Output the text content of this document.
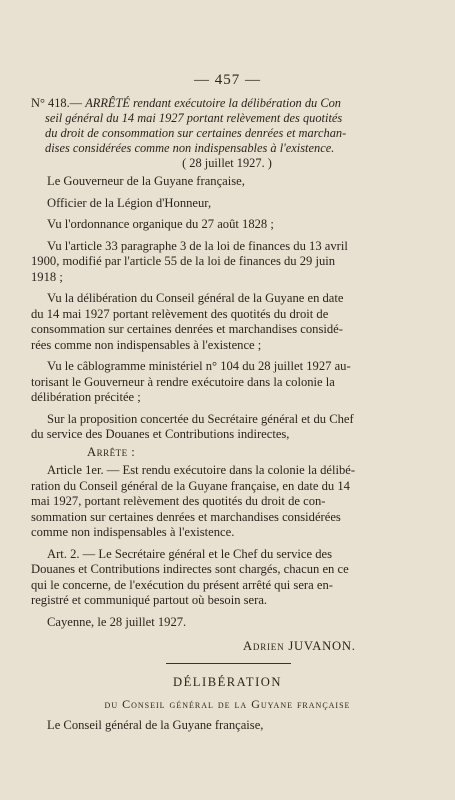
— 457 —
N° 418.— ARRÊTÉ rendant exécutoire la délibération du Con
seil général du 14 mai 1927 portant relèvement des quotités
du droit de consommation sur certaines denrées et marchan-
dises considérées comme non indispensables à l'existence.
( 28 juillet 1927. )
Le Gouverneur de la Guyane française,
Officier de la Légion d'Honneur,
Vu l'ordonnance organique du 27 août 1828 ;
Vu l'article 33 paragraphe 3 de la loi de finances du 13 avril
1900, modifié par l'article 55 de la loi de finances du 29 juin
1918 ;
Vu la délibération du Conseil général de la Guyane en date
du 14 mai 1927 portant relèvement des quotités du droit de
consommation sur certaines denrées et marchandises considé-
rées comme non indispensables à l'existence ;
Vu le câblogramme ministériel n° 104 du 28 juillet 1927 au-
torisant le Gouverneur à rendre exécutoire dans la colonie la
délibération précitée ;
Sur la proposition concertée du Secrétaire général et du Chef
du service des Douanes et Contributions indirectes,
Arrête :
Article 1er. — Est rendu exécutoire dans la colonie la délibé-
ration du Conseil général de la Guyane française, en date du 14
mai 1927, portant relèvement des quotités du droit de con-
sommation sur certaines denrées et marchandises considérées
comme non indispensables à l'existence.
Art. 2. — Le Secrétaire général et le Chef du service des
Douanes et Contributions indirectes sont chargés, chacun en ce
qui le concerne, de l'exécution du présent arrêté qui sera en-
registré et communiqué partout où besoin sera.
Cayenne, le 28 juillet 1927.
Adrien JUVANON.
DÉLIBÉRATION
du Conseil général de la Guyane française
Le Conseil général de la Guyane française,
